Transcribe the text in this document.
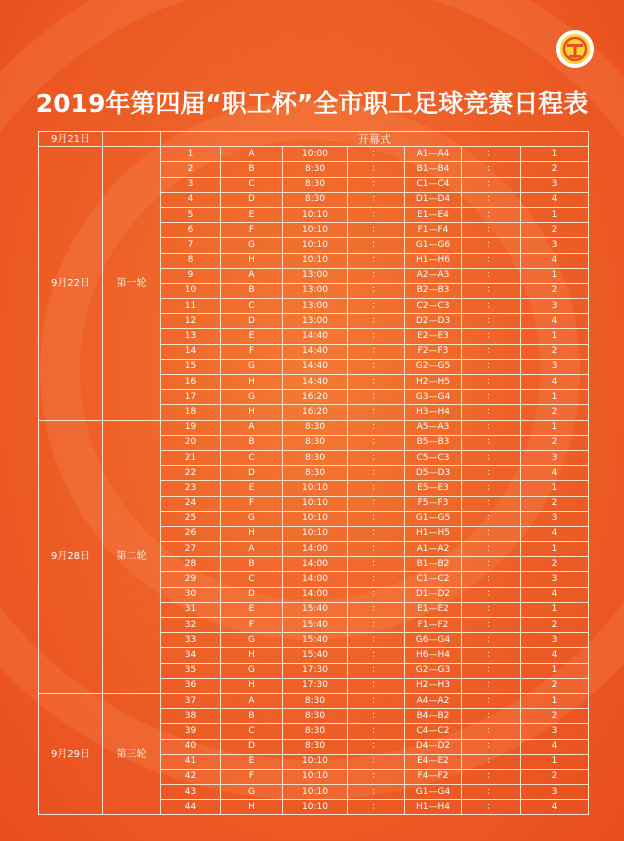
2019年第四届“职工杯”全市职工足球竞赛日程表
9月21日		开幕式						
9月22日	第一轮	1	A	10:00	：	A1—A4	：	1
		2	B	8:30	：	B1—B4	：	2
		3	C	8:30	：	C1—C4	：	3
		4	D	8:30	：	D1—D4	：	4
		5	E	10:10	：	E1—E4	：	1
		6	F	10:10	：	F1—F4	：	2
		7	G	10:10	：	G1—G6	：	3
		8	H	10:10	：	H1—H6	：	4
		9	A	13:00	：	A2—A3	：	1
		10	B	13:00	：	B2—B3	：	2
		11	C	13:00	：	C2—C3	：	3
		12	D	13:00	：	D2—D3	：	4
		13	E	14:40	：	E2—E3	：	1
		14	F	14:40	：	F2—F3	：	2
		15	G	14:40	：	G2—G5	：	3
		16	H	14:40	：	H2—H5	：	4
		17	G	16:20	：	G3—G4	：	1
		18	H	16:20	：	H3—H4	：	2
9月28日	第二轮	19	A	8:30	：	A5—A3	：	1
		20	B	8:30	：	B5—B3	：	2
		21	C	8:30	：	C5—C3	：	3
		22	D	8:30	：	D5—D3	：	4
		23	E	10:10	：	E5—E3	：	1
		24	F	10:10	：	F5—F3	：	2
		25	G	10:10	：	G1—G5	：	3
		26	H	10:10	：	H1—H5	：	4
		27	A	14:00	：	A1—A2	：	1
		28	B	14:00	：	B1—B2	：	2
		29	C	14:00	：	C1—C2	：	3
		30	D	14:00	：	D1—D2	：	4
		31	E	15:40	：	E1—E2	：	1
		32	F	15:40	：	F1—F2	：	2
		33	G	15:40	：	G6—G4	：	3
		34	H	15:40	：	H6—H4	：	4
		35	G	17:30	：	G2—G3	：	1
		36	H	17:30	：	H2—H3	：	2
9月29日	第三轮	37	A	8:30	：	A4—A2	：	1
		38	B	8:30	：	B4—B2	：	2
		39	C	8:30	：	C4—C2	：	3
		40	D	8:30	：	D4—D2	：	4
		41	E	10:10	：	E4—E2	：	1
		42	F	10:10	：	F4—F2	：	2
		43	G	10:10	：	G1—G4	：	3
		44	H	10:10	：	H1—H4	：	4
